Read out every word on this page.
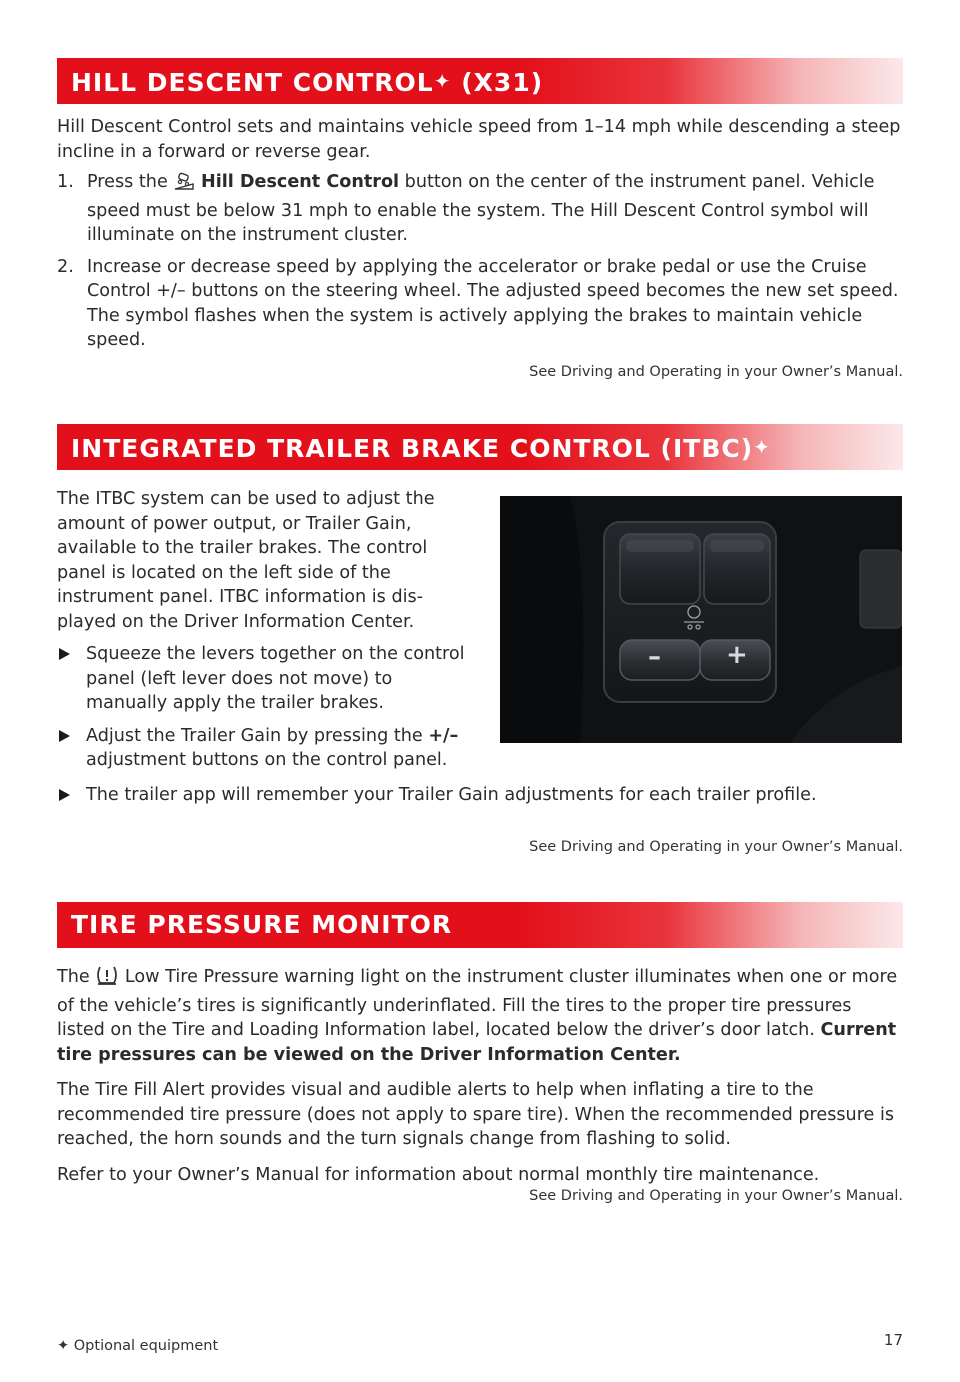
HILL DESCENT CONTROL✦ (X31)

Hill Descent Control sets and maintains vehicle speed from 1–14 mph while descending a steep incline in a forward or reverse gear.

1. Press the  Hill Descent Control button on the center of the instrument panel. Vehicle speed must be below 31 mph to enable the system. The Hill Descent Control symbol will illuminate on the instrument cluster.
2. Increase or decrease speed by applying the accelerator or brake pedal or use the Cruise Control +/– buttons on the steering wheel. The adjusted speed becomes the new set speed. The symbol flashes when the system is actively applying the brakes to maintain vehicle speed.
See Driving and Operating in your Owner’s Manual.
INTEGRATED TRAILER BRAKE CONTROL (ITBC)✦

The ITBC system can be used to adjust the amount of power output, or Trailer Gain, available to the trailer brakes. The control panel is located on the left side of the instrument panel. ITBC information is dis-played on the Driver Information Center.

Squeeze the levers together on the control panel (left lever does not move) to manually apply the trailer brakes.
Adjust the Trailer Gain by pressing the +/– adjustment buttons on the control panel.
The trailer app will remember your Trailer Gain adjustments for each trailer profile.
See Driving and Operating in your Owner’s Manual.
–	+
TIRE PRESSURE MONITOR

The  Low Tire Pressure warning light on the instrument cluster illuminates when one or more of the vehicle’s tires is significantly underinflated. Fill the tires to the proper tire pressures listed on the Tire and Loading Information label, located below the driver’s door latch. Current tire pressures can be viewed on the Driver Information Center.

The Tire Fill Alert provides visual and audible alerts to help when inflating a tire to the recommended tire pressure (does not apply to spare tire). When the recommended pressure is reached, the horn sounds and the turn signals change from flashing to solid.

Refer to your Owner’s Manual for information about normal monthly tire maintenance.

See Driving and Operating in your Owner’s Manual.
✦ Optional equipment	17
